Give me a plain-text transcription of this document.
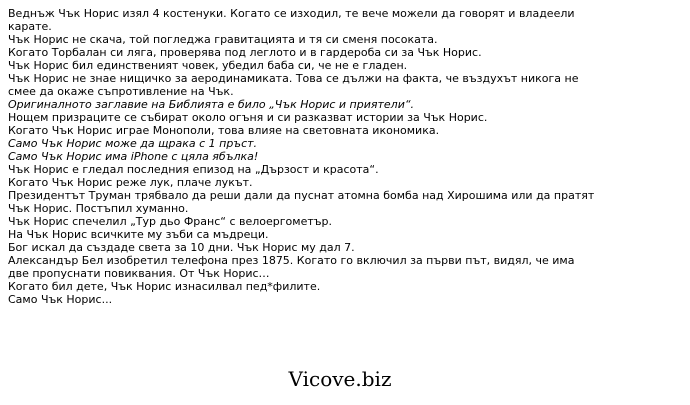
Веднъж Чък Норис изял 4 костенуки. Когато се изходил, те вече можели да говорят и владеели карате.

Чък Норис не скача, той погледжа гравитацията и тя си сменя посоката.

Когато Торбалан си ляга, проверява под леглото и в гардероба си за Чък Норис.

Чък Норис бил единственият човек, убедил баба си, че не е гладен.

Чък Норис не знае нищичко за аеродинамиката. Това се дължи на факта, че въздухът никога не смее да окаже съпротивление на Чък.

Оригиналното заглавие на Библията е било „Чък Норис и приятели“.

Нощем призраците се събират около огъня и си разказват истории за Чък Норис.

Когато Чък Норис играе Монополи, това влияе на световната икономика.

Само Чък Норис може да щрака с 1 пръст.

Само Чък Норис има iPhone с цяла ябълка!

Чък Норис е гледал последния епизод на „Дързост и красота“.

Когато Чък Норис реже лук, плаче лукът.

Президентът Труман трябвало да реши дали да пуснат атомна бомба над Хирошима или да пратят Чък Норис. Постъпил хуманно.

Чък Норис спечелил „Тур дьо Франс“ с велоергометър.

На Чък Норис всичките му зъби са мъдреци.

Бог искал да създаде света за 10 дни. Чък Норис му дал 7.

Александър Бел изобретил телефона през 1875. Когато го включил за първи път, видял, че има две пропуснати повиквания. От Чък Норис…

Когато бил дете, Чък Норис изнасилвал пед*филите.

Само Чък Норис...

Vicove.biz
